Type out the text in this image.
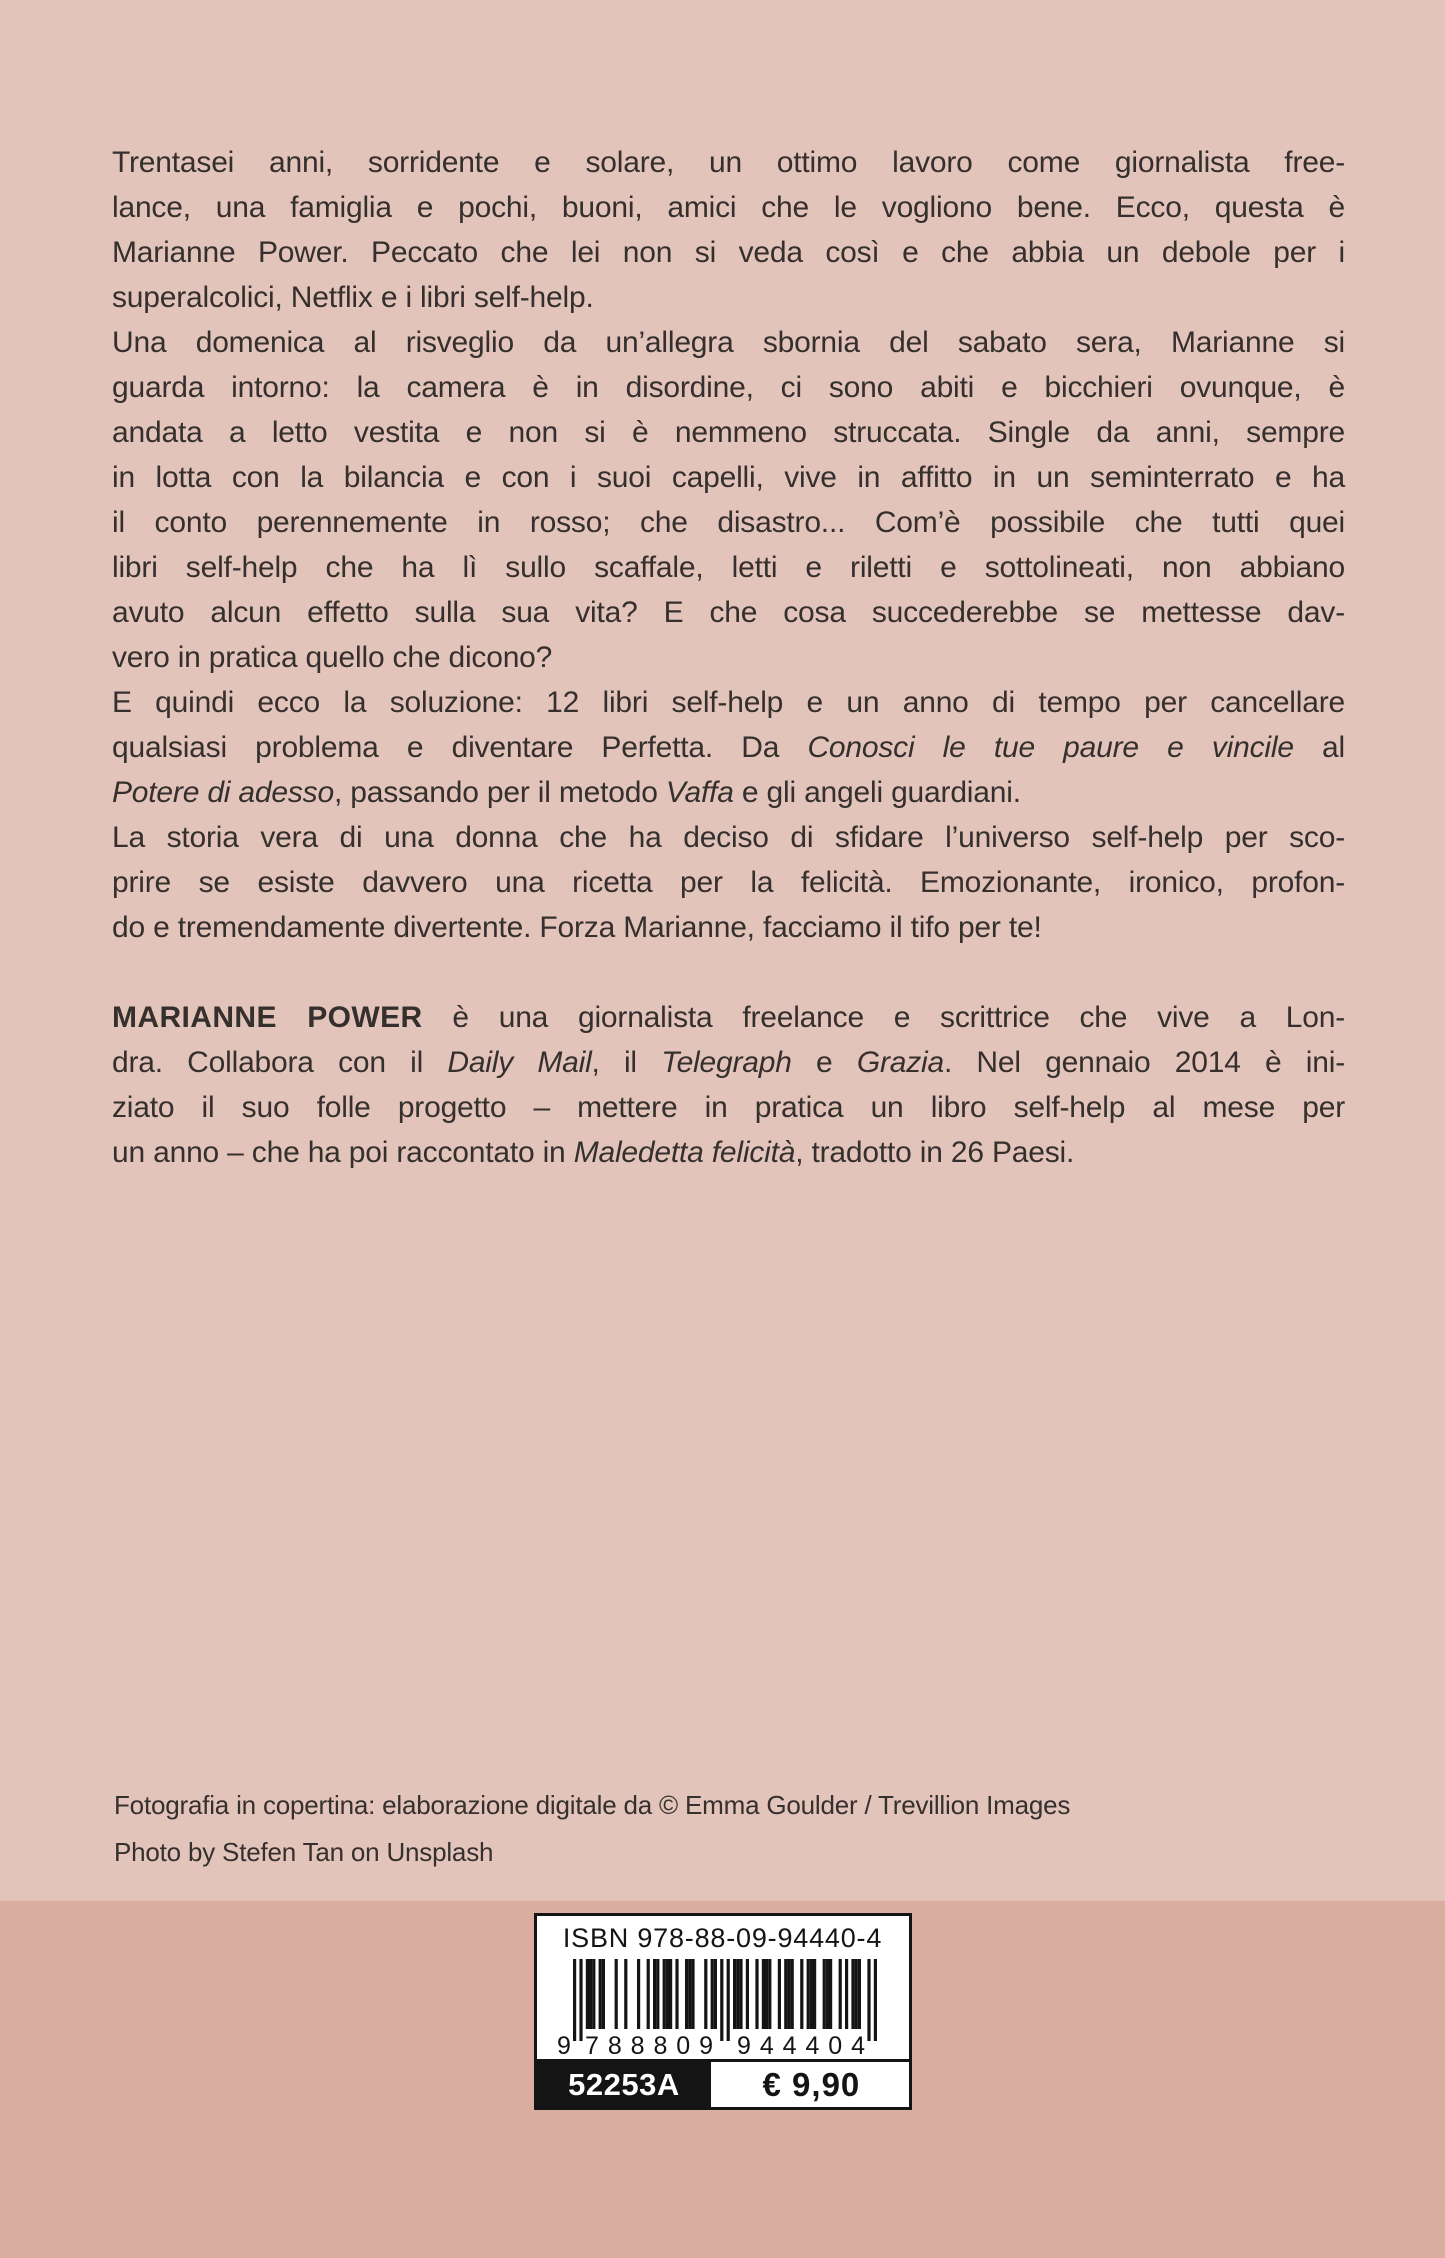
Trentasei anni, sorridente e solare, un ottimo lavoro come giornalista free-
lance, una famiglia e pochi, buoni, amici che le vogliono bene. Ecco, questa è
Marianne Power. Peccato che lei non si veda così e che abbia un debole per i
superalcolici, Netflix e i libri self-help.
Una domenica al risveglio da un’allegra sbornia del sabato sera, Marianne si
guarda intorno: la camera è in disordine, ci sono abiti e bicchieri ovunque, è
andata a letto vestita e non si è nemmeno struccata. Single da anni, sempre
in lotta con la bilancia e con i suoi capelli, vive in affitto in un seminterrato e ha
il conto perennemente in rosso; che disastro... Com’è possibile che tutti quei
libri self-help che ha lì sullo scaffale, letti e riletti e sottolineati, non abbiano
avuto alcun effetto sulla sua vita? E che cosa succederebbe se mettesse dav-
vero in pratica quello che dicono?
E quindi ecco la soluzione: 12 libri self-help e un anno di tempo per cancellare
qualsiasi problema e diventare Perfetta. Da Conosci le tue paure e vincile al
Potere di adesso, passando per il metodo Vaffa e gli angeli guardiani.
La storia vera di una donna che ha deciso di sfidare l’universo self-help per sco-
prire se esiste davvero una ricetta per la felicità. Emozionante, ironico, profon-
do e tremendamente divertente. Forza Marianne, facciamo il tifo per te!
MARIANNE POWER è una giornalista freelance e scrittrice che vive a Lon-
dra. Collabora con il Daily Mail, il Telegraph e Grazia. Nel gennaio 2014 è ini-
ziato il suo folle progetto – mettere in pratica un libro self-help al mese per
un anno – che ha poi raccontato in Maledetta felicità, tradotto in 26 Paesi.
Fotografia in copertina: elaborazione digitale da © Emma Goulder / Trevillion Images
Photo by Stefen Tan on Unsplash
ISBN 978-88-09-94440-4
9 788809 944404
52253A	€ 9,90
